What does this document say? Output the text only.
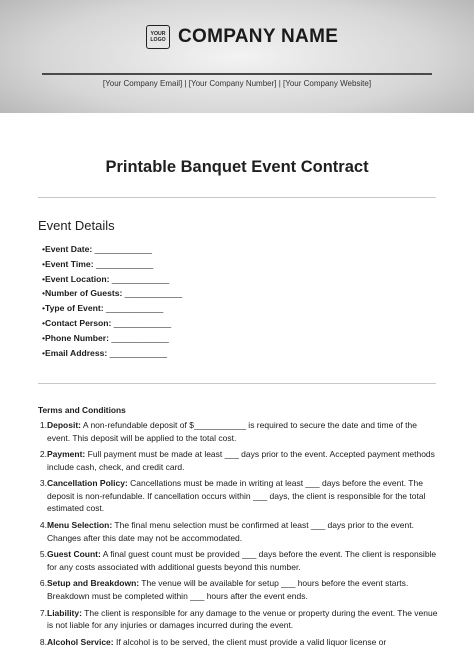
YOUR
LOGO COMPANY NAME
[Your Company Email] | [Your Company Number] | [Your Company Website]
Printable Banquet Event Contract
Event Details
•Event Date: ____________
•Event Time: ____________
•Event Location: ____________
•Number of Guests: ____________
•Type of Event: ____________
•Contact Person: ____________
•Phone Number: ____________
•Email Address: ____________
Terms and Conditions
1. Deposit: A non-refundable deposit of $___________ is required to secure the date and time of the event. This deposit will be applied to the total cost.
2. Payment: Full payment must be made at least ___ days prior to the event. Accepted payment methods include cash, check, and credit card.
3. Cancellation Policy: Cancellations must be made in writing at least ___ days before the event. The deposit is non-refundable. If cancellation occurs within ___ days, the client is responsible for the total estimated cost.
4. Menu Selection: The final menu selection must be confirmed at least ___ days prior to the event. Changes after this date may not be accommodated.
5. Guest Count: A final guest count must be provided ___ days before the event. The client is responsible for any costs associated with additional guests beyond this number.
6. Setup and Breakdown: The venue will be available for setup ___ hours before the event starts. Breakdown must be completed within ___ hours after the event ends.
7. Liability: The client is responsible for any damage to the venue or property during the event. The venue is not liable for any injuries or damages incurred during the event.
8. Alcohol Service: If alcohol is to be served, the client must provide a valid liquor license or
